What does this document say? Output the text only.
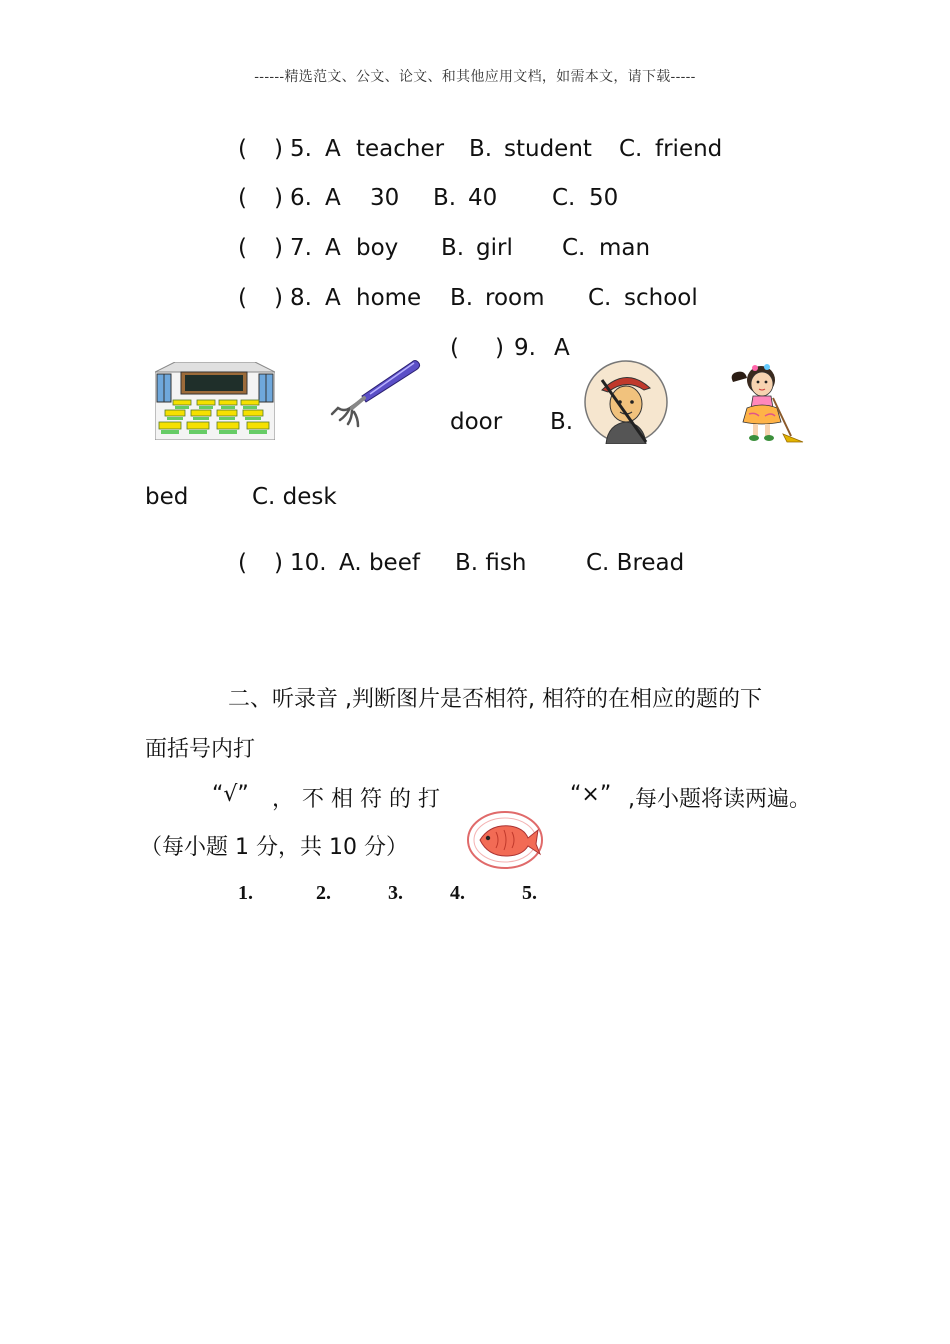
------精选范文、公文、论文、和其他应用文档，如需本文，请下载-----
( ) 5. A teacher B. student C. friend
( ) 6. A 30 B. 40 C. 50
( ) 7. A boy B. girl C. man
( ) 8. A home B. room C. school
( ) 9. A
door B.
bed	C. desk
( ) 10. A. beef B. fish	C. Bread
二、听录音 ,判断图片是否相符, 相符的在相应的题的下
面括号内打
“√” ， 不 相 符 的 打	“×” ,每小题将读两遍。
（每小题 1 分，共 10 分）
1.	2.	3. 4.	5.
